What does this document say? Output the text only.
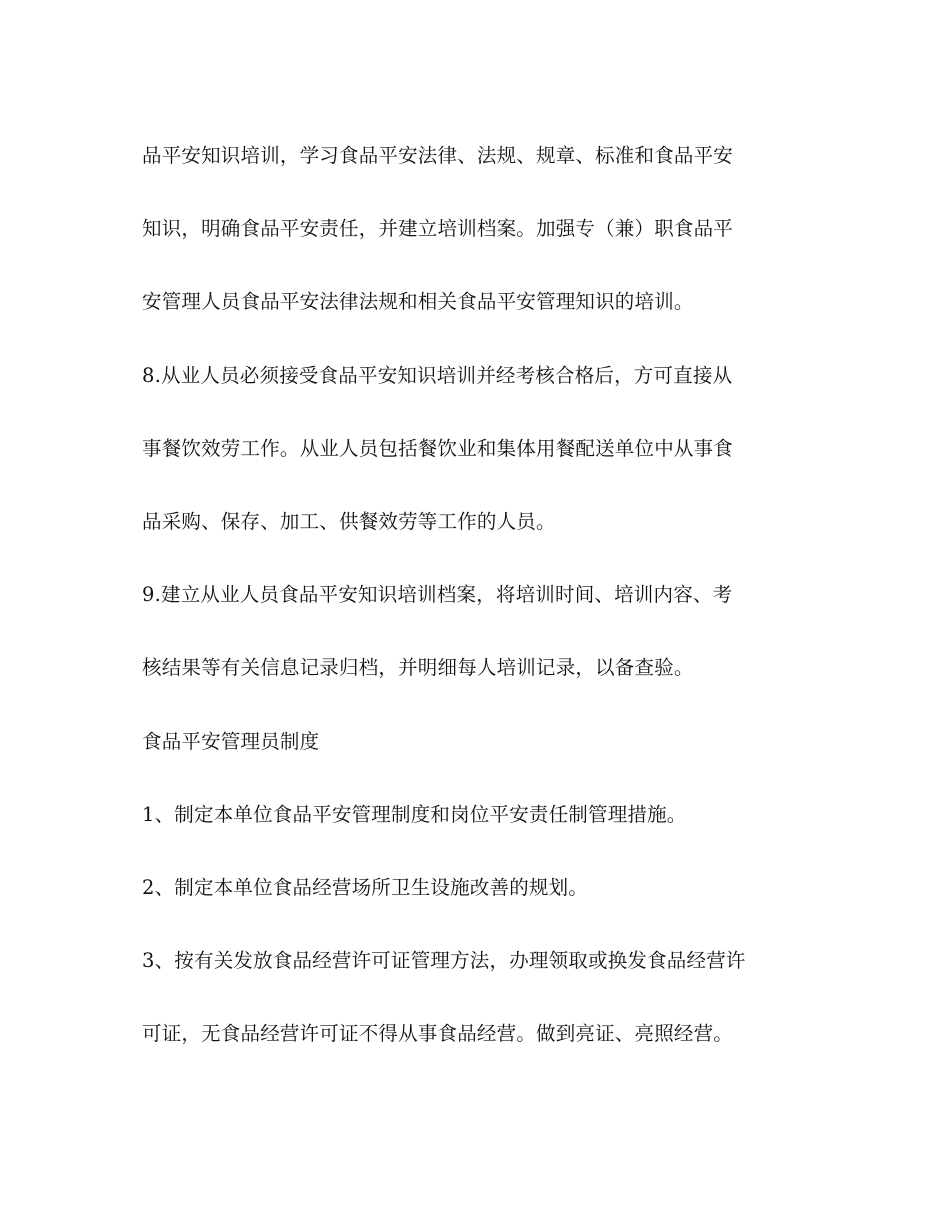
品平安知识培训，学习食品平安法律、法规、规章、标准和食品平安
知识，明确食品平安责任，并建立培训档案。加强专（兼）职食品平
安管理人员食品平安法律法规和相关食品平安管理知识的培训。
8.从业人员必须接受食品平安知识培训并经考核合格后，方可直接从
事餐饮效劳工作。从业人员包括餐饮业和集体用餐配送单位中从事食
品采购、保存、加工、供餐效劳等工作的人员。
9.建立从业人员食品平安知识培训档案，将培训时间、培训内容、考
核结果等有关信息记录归档，并明细每人培训记录，以备查验。
食品平安管理员制度
1、制定本单位食品平安管理制度和岗位平安责任制管理措施。
2、制定本单位食品经营场所卫生设施改善的规划。
3、按有关发放食品经营许可证管理方法，办理领取或换发食品经营许
可证，无食品经营许可证不得从事食品经营。做到亮证、亮照经营。
